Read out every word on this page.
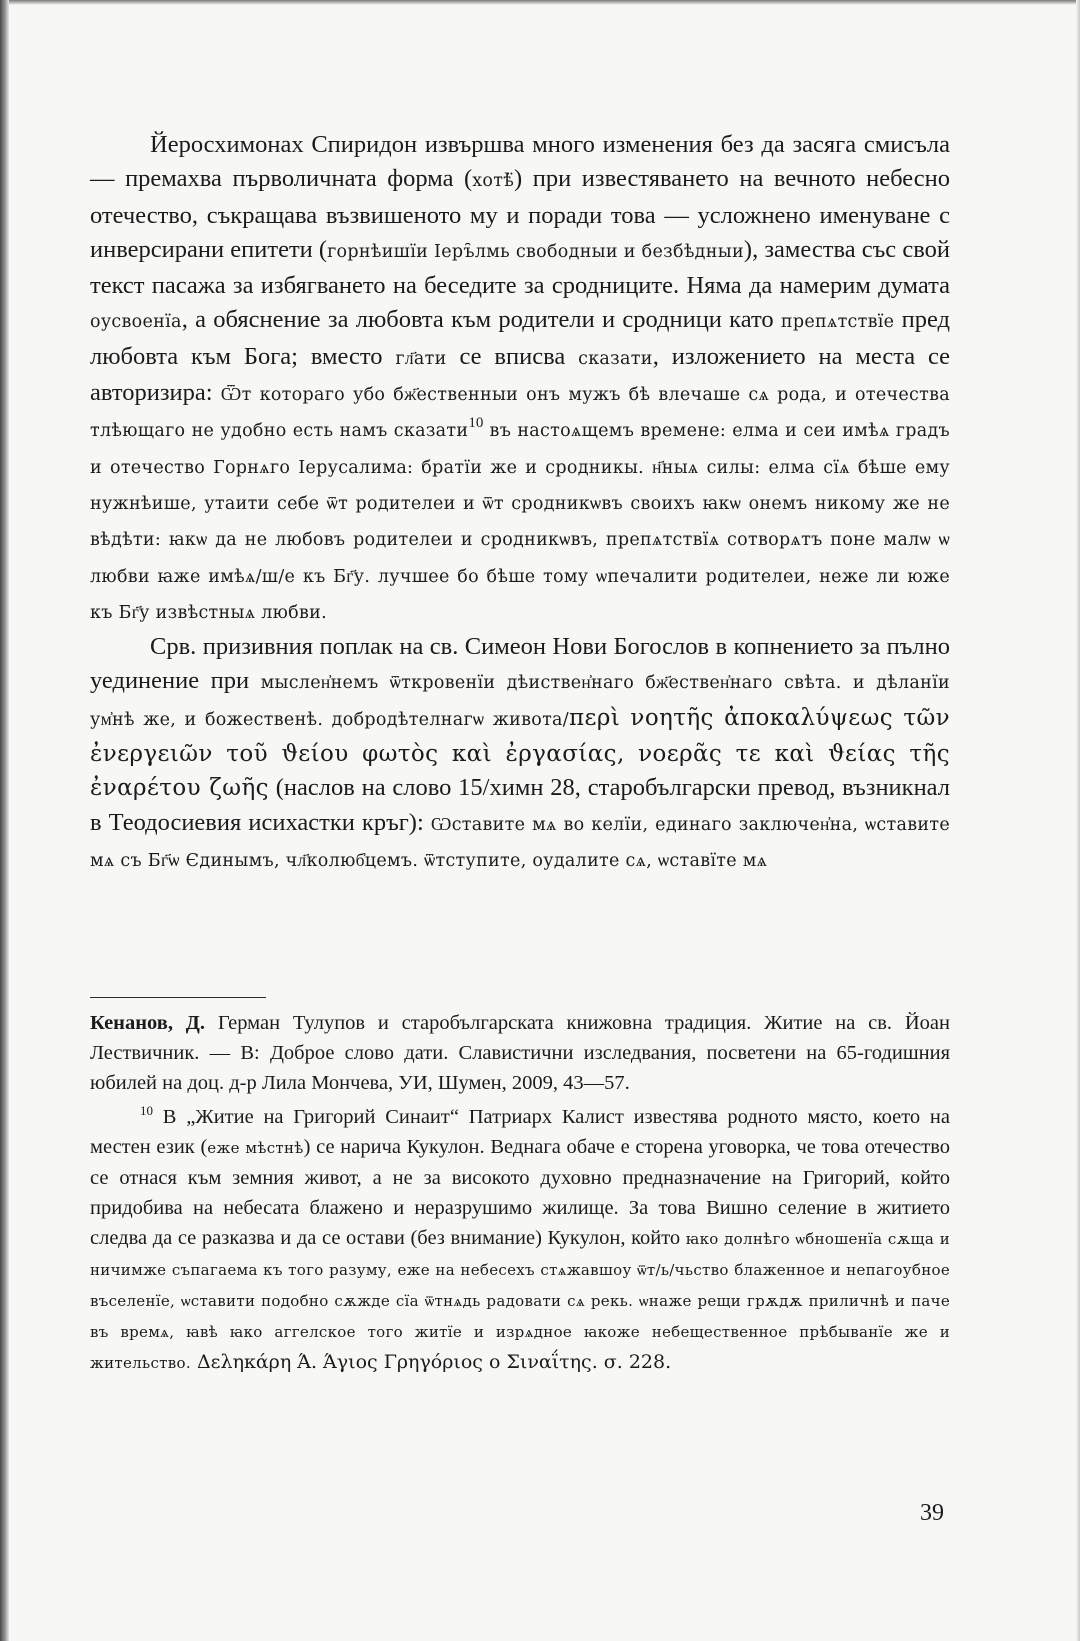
Йеросхимонах Спиридон извършва много изменения без да засяга смисъла — премахва първоличната форма (хотѣ̈) при известяването на вечното небесно отечество, съкращава възвишеното му и поради това — усложнено именуване с инверсирани епитети (горнѣишїи Іеръ̑лмь свободныи и безбѣдныи), замества със свой текст пасажа за избягването на беседите за сродниците. Няма да намерим думата оусвоенїа, а обяснение за любовта към родители и сродници като препѧтствїе пред любовта към Бога; вместо гл҃ати се вписва сказати, изложението на места се авторизира: Ѿт котораго убо бж҃ественныи онъ мужъ бѣ влечаше сѧ рода, и отечества тлѣющаго не удобно есть намъ сказати$^{10}$ въ настоѧщемъ времене: елма и сеи имѣѧ градъ и отечество Горнѧго Іерусалима: братїи же и сродникы. н҃ныѧ силы: елма сїѧ бѣше ему нужнѣише, утаити себе ѿт родителеи и ѿт сродникѡвъ своихъ ꙗкѡ онемъ никому же не вѣдѣти: ꙗкѡ да не любовъ родителеи и сродникѡвъ, препѧтствїѧ сотворѧтъ поне малѡ ѡ любви ꙗже имѣѧ/ш/е къ Бг҃у. лучшее бо бѣше тому ѡпечалити родителеи, неже ли юже къ Бг҃у извѣстныѧ любви.

Срв. призивния поплак на св. Симеон Нови Богослов в копнението за пълно уединение при мыслен҆немъ ѿткровенїи дѣиствен҆наго бж҃ествен҆наго свѣта. и дѣланїи ум҆нѣ же, и божественѣ. добродѣтелнагѡ живота/περὶ νοητῆς ἀποκαλύψεως τῶν ἐνεργειῶν τοῦ ϑείου φωτὸς καὶ ἐργασίας, νοερᾶς τε καὶ ϑείας τῆς ἐναρέτου ζωῆς (наслов на слово 15/химн 28, старобългарски превод, възникнал в Теодосиевия исихастки кръг): Ѡставите мѧ во келїи, единаго заключен҆на, ѡставите мѧ съ Бг҃ѡ Єдинымъ, чл҃колюб҆цемъ. ѿтступите, оудалите сѧ, ѡставїте мѧ

Кенанов, Д. Герман Тулупов и старобългарската книжовна традиция. Житие на св. Йоан Лествичник. — В: Доброе слово дати. Славистични изследвания, посветени на 65-годишния юбилей на доц. д-р Лила Мончева, УИ, Шумен, 2009, 43—57.

$^{10}$ В „Житие на Григорий Синаит“ Патриарх Калист известява родното място, което на местен език (еже мѣстнѣ) се нарича Кукулон. Веднага обаче е сторена уговорка, че това отечество се отнася към земния живот, а не за високото духовно предназначение на Григорий, който придобива на небесата блажено и неразрушимо жилище. За това Вишно селение в житието следва да се разказва и да се остави (без внимание) Кукулон, който ꙗко долнѣго ѡбношенїа сѫща и ничимже съпагаема къ того разуму, еже на небесехъ стѧжавшоу ѿт/ь/чьство блаженное и непагоубное въселенїе, ѡставити подобно сѫжде сїа ѿтнѧдь радовати сѧ рекь. ѡнаже рещи грѫдѫ приличнѣ и паче въ времѧ, ꙗвѣ ꙗко аггелское того житїе и изрѧдное ꙗкоже небещественное прѣбыванїе же и жительство. Δεληκάρη Ά. Άγιος Γρηγόριος ο Σιναΐτης. σ. 228.

39
